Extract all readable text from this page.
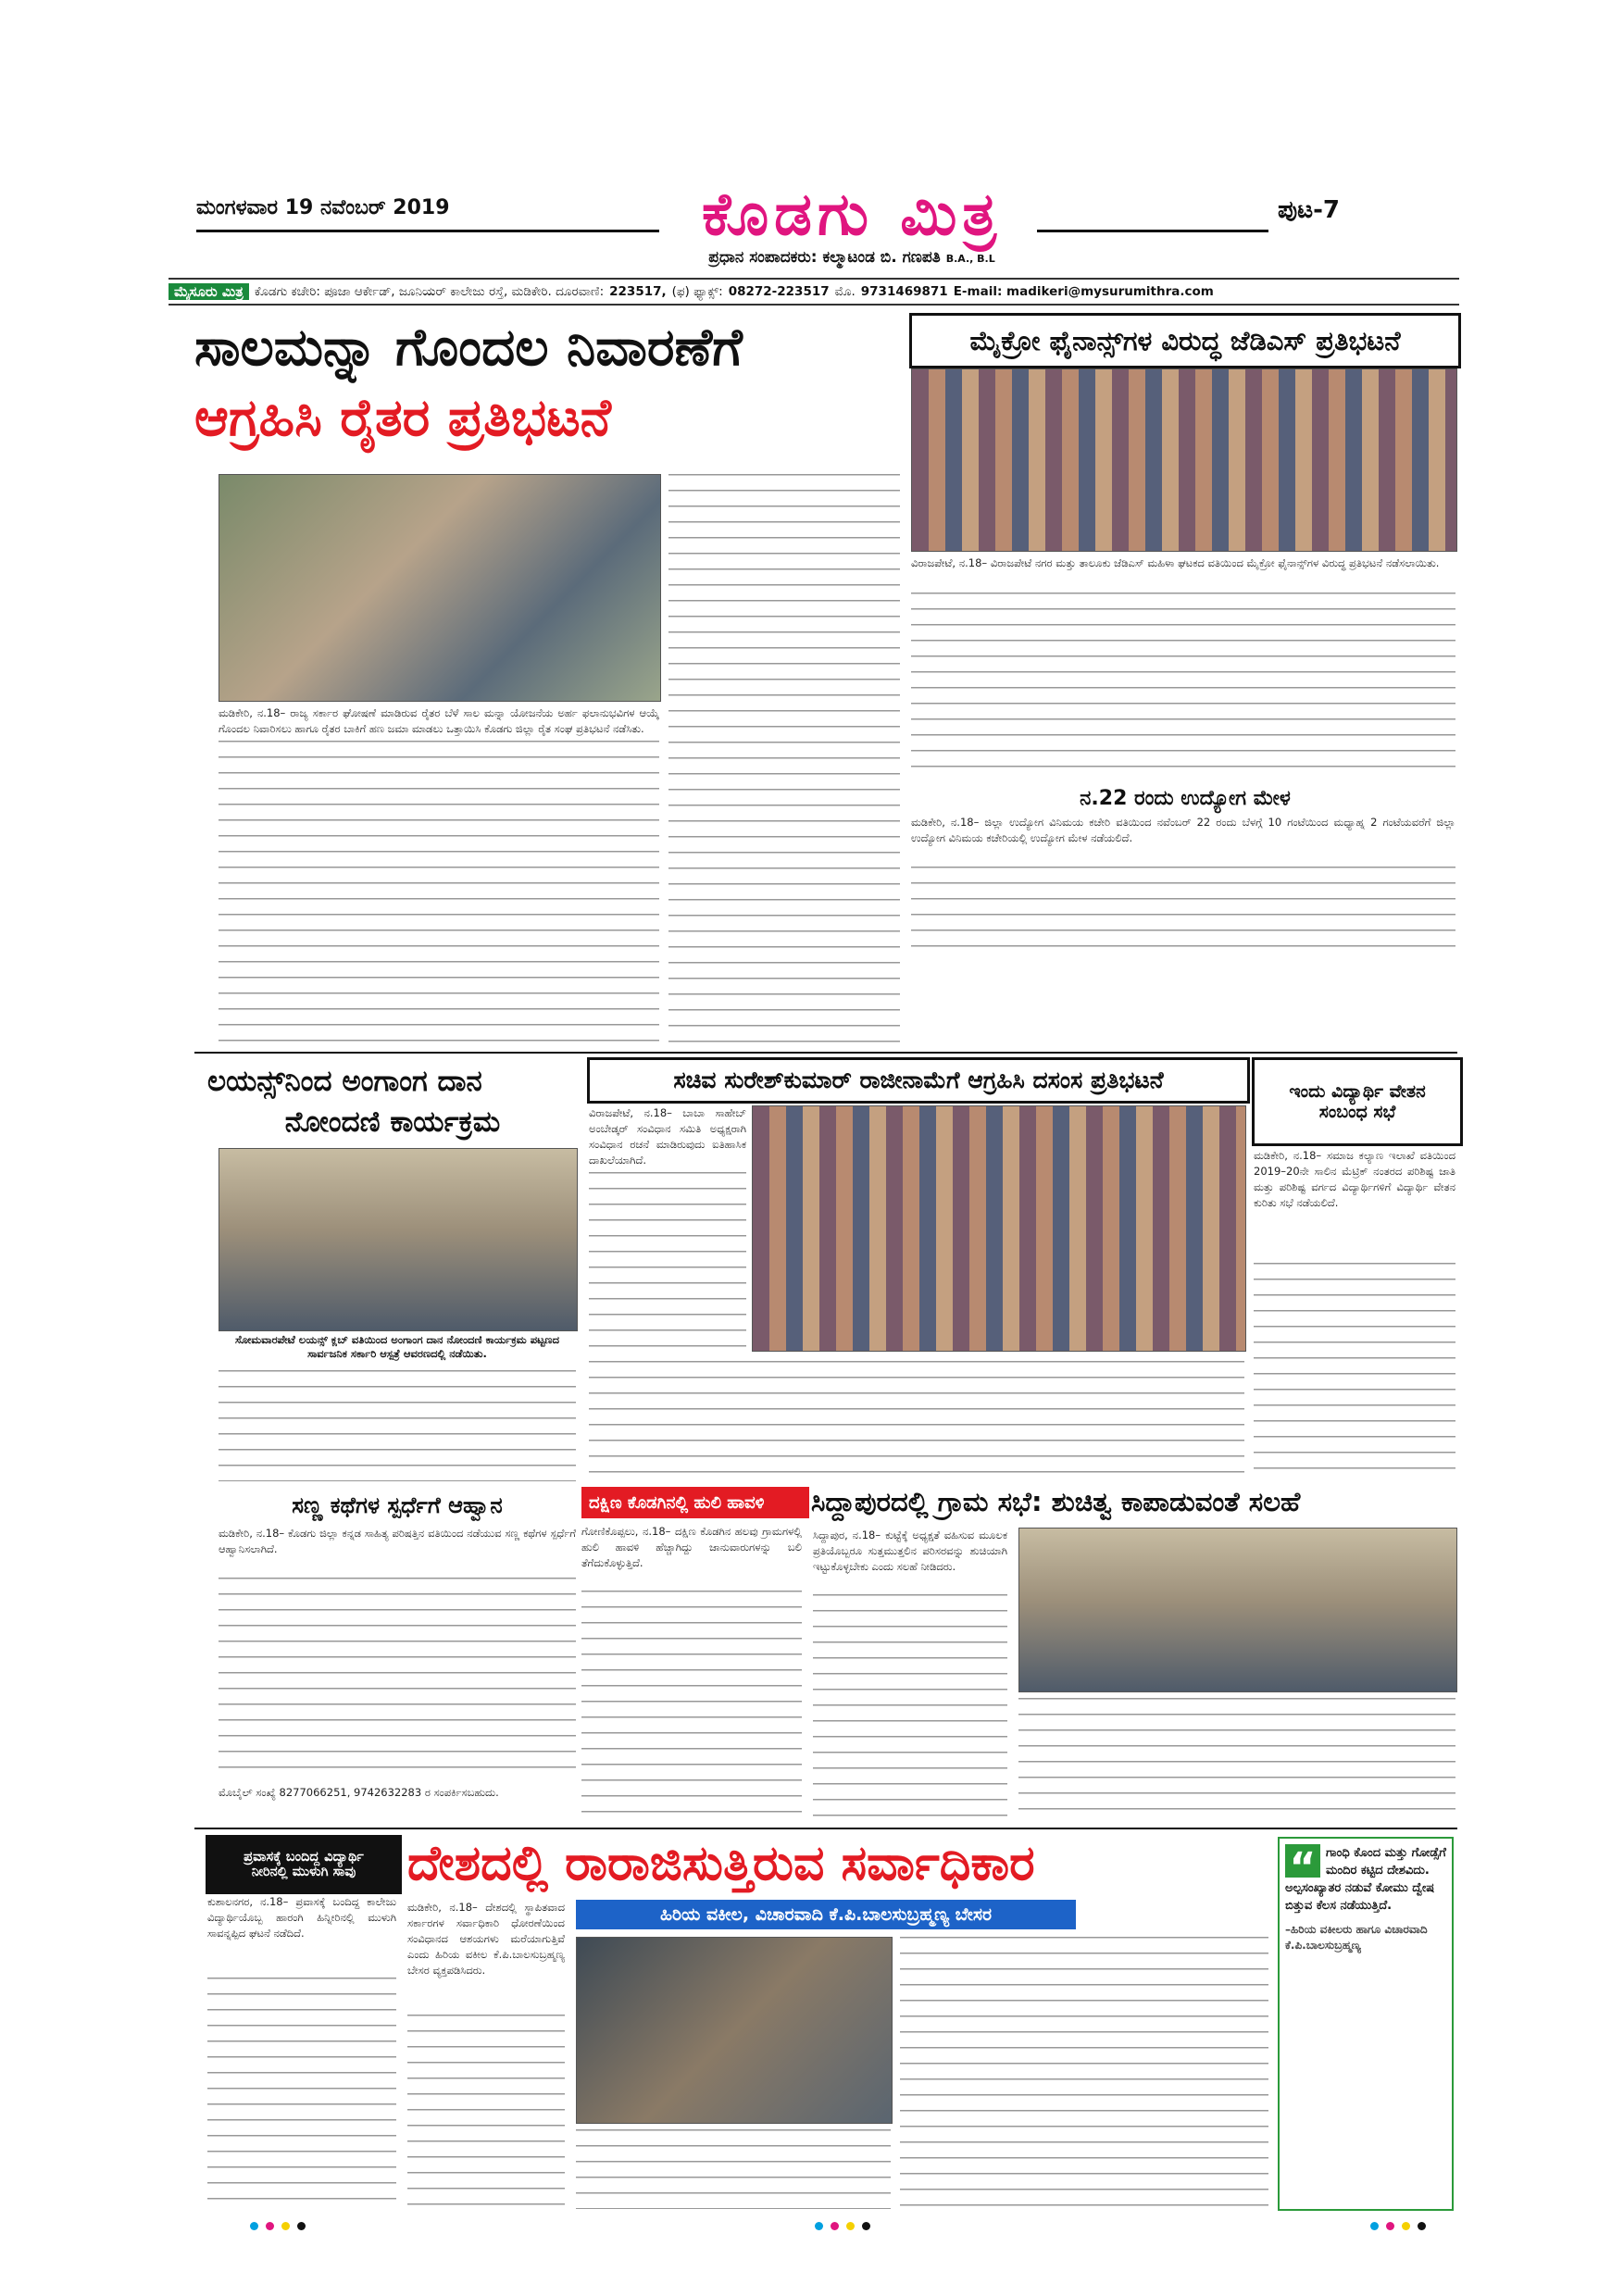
ಮಂಗಳವಾರ 19 ನವೆಂಬರ್ 2019	ಕೊಡಗು ಮಿತ್ರ
ಪ್ರಧಾನ ಸಂಪಾದಕರು: ಕಲ್ಮಾಟಂಡ ಬಿ. ಗಣಪತಿ B.A., B.L
ಪುಟ-7
ಮೈಸೂರು ಮಿತ್ರ ಕೊಡಗು ಕಚೇರಿ: ಪೂಜಾ ಆರ್ಕೇಡ್, ಜೂನಿಯರ್ ಕಾಲೇಜು ರಸ್ತೆ, ಮಡಿಕೇರಿ. ದೂರವಾಣಿ: 223517, (ಫ) ಫ್ಯಾಕ್ಸ್: 08272-223517 ಮೊ. 9731469871 E-mail: madikeri@mysurumithra.com
ಸಾಲಮನ್ನಾ ಗೊಂದಲ ನಿವಾರಣೆಗೆ
ಆಗ್ರಹಿಸಿ ರೈತರ ಪ್ರತಿಭಟನೆ
ಮಡಿಕೇರಿ, ನ.18– ರಾಜ್ಯ ಸರ್ಕಾರ ಘೋಷಣೆ ಮಾಡಿರುವ ರೈತರ ಬೆಳೆ ಸಾಲ ಮನ್ನಾ ಯೋಜನೆಯ ಅರ್ಹ ಫಲಾನುಭವಿಗಳ ಆಯ್ಕೆ ಗೊಂದಲ ನಿವಾರಿಸಲು ಹಾಗೂ ರೈತರ ಬಾಕಿಗೆ ಹಣ ಜಮಾ ಮಾಡಲು ಒತ್ತಾಯಿಸಿ ಕೊಡಗು ಜಿಲ್ಲಾ ರೈತ ಸಂಘ ಪ್ರತಿಭಟನೆ ನಡೆಸಿತು.
ಮೈಕ್ರೋ ಫೈನಾನ್ಸ್‌ಗಳ ವಿರುದ್ಧ ಜೆಡಿಎಸ್ ಪ್ರತಿಭಟನೆ
ವಿರಾಜಪೇಟೆ, ನ.18– ವಿರಾಜಪೇಟೆ ನಗರ ಮತ್ತು ತಾಲೂಕು ಜೆಡಿಎಸ್ ಮಹಿಳಾ ಘಟಕದ ವತಿಯಿಂದ ಮೈಕ್ರೋ ಫೈನಾನ್ಸ್‌ಗಳ ವಿರುದ್ಧ ಪ್ರತಿಭಟನೆ ನಡೆಸಲಾಯಿತು.
ನ.22 ರಂದು ಉದ್ಯೋಗ ಮೇಳ
ಮಡಿಕೇರಿ, ನ.18– ಜಿಲ್ಲಾ ಉದ್ಯೋಗ ವಿನಿಮಯ ಕಚೇರಿ ವತಿಯಿಂದ ನವೆಂಬರ್ 22 ರಂದು ಬೆಳಗ್ಗೆ 10 ಗಂಟೆಯಿಂದ ಮಧ್ಯಾಹ್ನ 2 ಗಂಟೆಯವರೆಗೆ ಜಿಲ್ಲಾ ಉದ್ಯೋಗ ವಿನಿಮಯ ಕಚೇರಿಯಲ್ಲಿ ಉದ್ಯೋಗ ಮೇಳ ನಡೆಯಲಿದೆ.
ಲಯನ್ಸ್‌ನಿಂದ ಅಂಗಾಂಗ ದಾನ
ನೋಂದಣಿ ಕಾರ್ಯಕ್ರಮ
ಸೋಮವಾರಪೇಟೆ ಲಯನ್ಸ್ ಕ್ಲಬ್ ವತಿಯಿಂದ ಅಂಗಾಂಗ ದಾನ ನೋಂದಣಿ ಕಾರ್ಯಕ್ರಮ ಪಟ್ಟಣದ ಸಾರ್ವಜನಿಕ ಸರ್ಕಾರಿ ಆಸ್ಪತ್ರೆ ಆವರಣದಲ್ಲಿ ನಡೆಯಿತು.
ಸಚಿವ ಸುರೇಶ್‌ಕುಮಾರ್ ರಾಜೀನಾಮೆಗೆ ಆಗ್ರಹಿಸಿ ದಸಂಸ ಪ್ರತಿಭಟನೆ
ವಿರಾಜಪೇಟೆ, ನ.18– ಬಾಬಾ ಸಾಹೇಬ್ ಅಂಬೇಡ್ಕರ್ ಸಂವಿಧಾನ ಸಮಿತಿ ಅಧ್ಯಕ್ಷರಾಗಿ ಸಂವಿಧಾನ ರಚನೆ ಮಾಡಿರುವುದು ಐತಿಹಾಸಿಕ ದಾಖಲೆಯಾಗಿದೆ.
ಇಂದು ವಿದ್ಯಾರ್ಥಿ ವೇತನ
ಸಂಬಂಧ ಸಭೆ
ಮಡಿಕೇರಿ, ನ.18– ಸಮಾಜ ಕಲ್ಯಾಣ ಇಲಾಖೆ ವತಿಯಿಂದ 2019–20ನೇ ಸಾಲಿನ ಮೆಟ್ರಿಕ್ ನಂತರದ ಪರಿಶಿಷ್ಟ ಜಾತಿ ಮತ್ತು ಪರಿಶಿಷ್ಟ ವರ್ಗದ ವಿದ್ಯಾರ್ಥಿಗಳಿಗೆ ವಿದ್ಯಾರ್ಥಿ ವೇತನ ಕುರಿತು ಸಭೆ ನಡೆಯಲಿದೆ.
ದಕ್ಷಿಣ ಕೊಡಗಿನಲ್ಲಿ ಹುಲಿ ಹಾವಳಿ
ಗೋಣಿಕೊಪ್ಪಲು, ನ.18– ದಕ್ಷಿಣ ಕೊಡಗಿನ ಹಲವು ಗ್ರಾಮಗಳಲ್ಲಿ ಹುಲಿ ಹಾವಳಿ ಹೆಚ್ಚಾಗಿದ್ದು ಜಾನುವಾರುಗಳನ್ನು ಬಲಿ ತೆಗೆದುಕೊಳ್ಳುತ್ತಿದೆ.
ಸಿದ್ದಾಪುರದಲ್ಲಿ ಗ್ರಾಮ ಸಭೆ: ಶುಚಿತ್ವ ಕಾಪಾಡುವಂತೆ ಸಲಹೆ
ಸಿದ್ದಾಪುರ, ನ.18– ಕುಟ್ಟೆಕ್ಕೆ ಅಧ್ಯಕ್ಷತೆ ವಹಿಸುವ ಮೂಲಕ ಪ್ರತಿಯೊಬ್ಬರೂ ಸುತ್ತಮುತ್ತಲಿನ ಪರಿಸರವನ್ನು ಶುಚಿಯಾಗಿ ಇಟ್ಟುಕೊಳ್ಳಬೇಕು ಎಂದು ಸಲಹೆ ನೀಡಿದರು.
ಸಣ್ಣ ಕಥೆಗಳ ಸ್ಪರ್ಧೆಗೆ ಆಹ್ವಾನ
ಮಡಿಕೇರಿ, ನ.18– ಕೊಡಗು ಜಿಲ್ಲಾ ಕನ್ನಡ ಸಾಹಿತ್ಯ ಪರಿಷತ್ತಿನ ವತಿಯಿಂದ ನಡೆಯುವ ಸಣ್ಣ ಕಥೆಗಳ ಸ್ಪರ್ಧೆಗೆ ಆಹ್ವಾನಿಸಲಾಗಿದೆ.
ಮೊಬೈಲ್ ಸಂಖ್ಯೆ 8277066251, 9742632283 ರ ಸಂಪರ್ಕಿಸಬಹುದು.
ಪ್ರವಾಸಕ್ಕೆ ಬಂದಿದ್ದ ವಿದ್ಯಾರ್ಥಿ
ನೀರಿನಲ್ಲಿ ಮುಳುಗಿ ಸಾವು
ಕುಶಾಲನಗರ, ನ.18– ಪ್ರವಾಸಕ್ಕೆ ಬಂದಿದ್ದ ಕಾಲೇಜು ವಿದ್ಯಾರ್ಥಿಯೊಬ್ಬ ಹಾರಂಗಿ ಹಿನ್ನೀರಿನಲ್ಲಿ ಮುಳುಗಿ ಸಾವನ್ನಪ್ಪಿದ ಘಟನೆ ನಡೆದಿದೆ.
ದೇಶದಲ್ಲಿ ರಾರಾಜಿಸುತ್ತಿರುವ ಸರ್ವಾಧಿಕಾರ
ಹಿರಿಯ ವಕೀಲ, ವಿಚಾರವಾದಿ ಕೆ.ಪಿ.ಬಾಲಸುಬ್ರಹ್ಮಣ್ಯ ಬೇಸರ
ಮಡಿಕೇರಿ, ನ.18– ದೇಶದಲ್ಲಿ ಸ್ಥಾಪಿತವಾದ ಸರ್ಕಾರಗಳ ಸರ್ವಾಧಿಕಾರಿ ಧೋರಣೆಯಿಂದ ಸಂವಿಧಾನದ ಆಶಯಗಳು ಮರೆಯಾಗುತ್ತಿವೆ ಎಂದು ಹಿರಿಯ ವಕೀಲ ಕೆ.ಪಿ.ಬಾಲಸುಬ್ರಹ್ಮಣ್ಯ ಬೇಸರ ವ್ಯಕ್ತಪಡಿಸಿದರು.
“ ಗಾಂಧಿ ಕೊಂದ ಮತ್ತು ಗೋಡ್ಸೆಗೆ ಮಂದಿರ ಕಟ್ಟಿದ ದೇಶವಿದು. ಅಲ್ಪಸಂಖ್ಯಾತರ ನಡುವೆ ಕೋಮು ದ್ವೇಷ ಬಿತ್ತುವ ಕೆಲಸ ನಡೆಯುತ್ತಿದೆ.
–ಹಿರಿಯ ವಕೀಲರು ಹಾಗೂ ವಿಚಾರವಾದಿ ಕೆ.ಪಿ.ಬಾಲಸುಬ್ರಹ್ಮಣ್ಯ
